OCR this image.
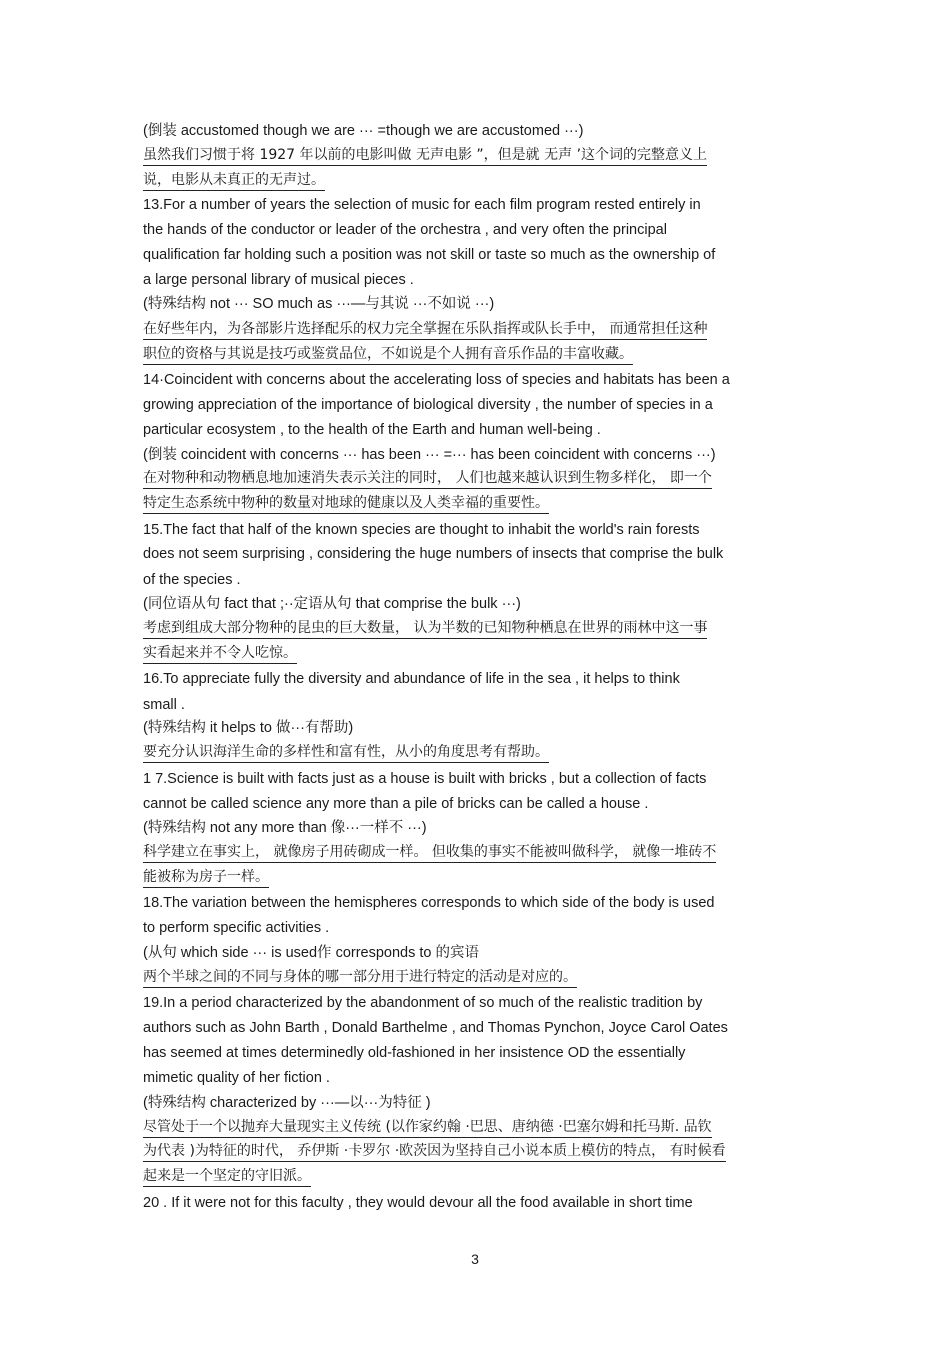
(倒装 accustomed though we are ··· =though we are accustomed ···)
虽然我们习惯于将 1927 年以前的电影叫做 无声电影 ”，但是就 无声 ’这个词的完整意义上
说，电影从未真正的无声过。
13.For a number of years the selection of music for each film program rested entirely in
the hands of the conductor or leader of the orchestra , and very often the principal
qualification far holding such a position was not skill or taste so much as the ownership of
a large personal library of musical pieces .
(特殊结构 not ··· SO much as ···—与其说 ···不如说 ···)
在好些年内，为各部影片选择配乐的权力完全掌握在乐队指挥或队长手中， 而通常担任这种
职位的资格与其说是技巧或鉴赏品位，不如说是个人拥有音乐作品的丰富收藏。
14·Coincident with concerns about the accelerating loss of species and habitats has been a
growing appreciation of the importance of biological diversity , the number of species in a
particular ecosystem , to the health of the Earth and human well-being .
(倒装 coincident with concerns ··· has been ··· =··· has been coincident with concerns ···)
在对物种和动物栖息地加速消失表示关注的同时， 人们也越来越认识到生物多样化， 即一个
特定生态系统中物种的数量对地球的健康以及人类幸福的重要性。
15.The fact that half of the known species are thought to inhabit the world's rain forests
does not seem surprising , considering the huge numbers of insects that comprise the bulk
of the species .
(同位语从句 fact that ;··定语从句 that comprise the bulk ···)
考虑到组成大部分物种的昆虫的巨大数量， 认为半数的已知物种栖息在世界的雨林中这一事
实看起来并不令人吃惊。
16.To appreciate fully the diversity and abundance of life in the sea , it helps to think
small .
(特殊结构 it helps to 做···有帮助)
要充分认识海洋生命的多样性和富有性，从小的角度思考有帮助。
1 7.Science is built with facts just as a house is built with bricks , but a collection of facts
cannot be called science any more than a pile of bricks can be called a house .
(特殊结构 not any more than 像···一样不 ···)
科学建立在事实上， 就像房子用砖砌成一样。 但收集的事实不能被叫做科学， 就像一堆砖不
能被称为房子一样。
18.The variation between the hemispheres corresponds to which side of the body is used
to perform specific activities .
(从句 which side ··· is used作 corresponds to 的宾语
两个半球之间的不同与身体的哪一部分用于进行特定的活动是对应的。
19.In a period characterized by the abandonment of so much of the realistic tradition by
authors such as John Barth , Donald Barthelme , and Thomas Pynchon, Joyce Carol Oates
has seemed at times determinedly old-fashioned in her insistence OD the essentially
mimetic quality of her fiction .
(特殊结构 characterized by ···—以···为特征 )
尽管处于一个以抛弃大量现实主义传统 (以作家约翰 ·巴思、唐纳德 ·巴塞尔姆和托马斯. 品钦
为代表 )为特征的时代， 乔伊斯 ·卡罗尔 ·欧茨因为坚持自己小说本质上模仿的特点， 有时候看
起来是一个坚定的守旧派。
20 . If it were not for this faculty , they would devour all the food available in short time
3
